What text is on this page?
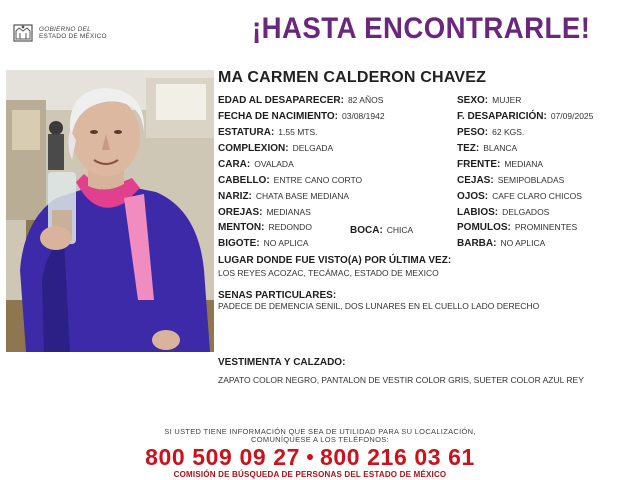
GOBIERNO DEL
ESTADO DE MÉXICO	¡HASTA ENCONTRARLE!
MA CARMEN CALDERON CHAVEZ
EDAD AL DESAPARECER: 82 AÑOS	SEXO: MUJER
FECHA DE NACIMIENTO: 03/08/1942	F. DESAPARICIÓN: 07/09/2025
ESTATURA: 1.55 MTS.	PESO: 62 KGS.
COMPLEXION: DELGADA	TEZ: BLANCA
CARA: OVALADA	FRENTE: MEDIANA
CABELLO: ENTRE CANO CORTO	CEJAS: SEMIPOBLADAS
NARIZ: CHATA BASE MEDIANA	OJOS: CAFE CLARO CHICOS
OREJAS: MEDIANAS	LABIOS: DELGADOS
MENTON: REDONDO	BOCA: CHICA	POMULOS: PROMINENTES
BIGOTE: NO APLICA	BARBA: NO APLICA
LUGAR DONDE FUE VISTO(A) POR ÚLTIMA VEZ:
LOS REYES ACOZAC, TECÁMAC, ESTADO DE MEXICO
SENAS PARTICULARES:
PADECE DE DEMENCIA SENIL, DOS LUNARES EN EL CUELLO LADO DERECHO
VESTIMENTA Y CALZADO:
ZAPATO COLOR NEGRO, PANTALON DE VESTIR COLOR GRIS, SUETER COLOR AZUL REY
SI USTED TIENE INFORMACIÓN QUE SEA DE UTILIDAD PARA SU LOCALIZACIÓN,
COMUNÍQUESE A LOS TELÉFONOS:
800 509 09 27 800 216 03 61
COMISIÓN DE BÚSQUEDA DE PERSONAS DEL ESTADO DE MÉXICO
